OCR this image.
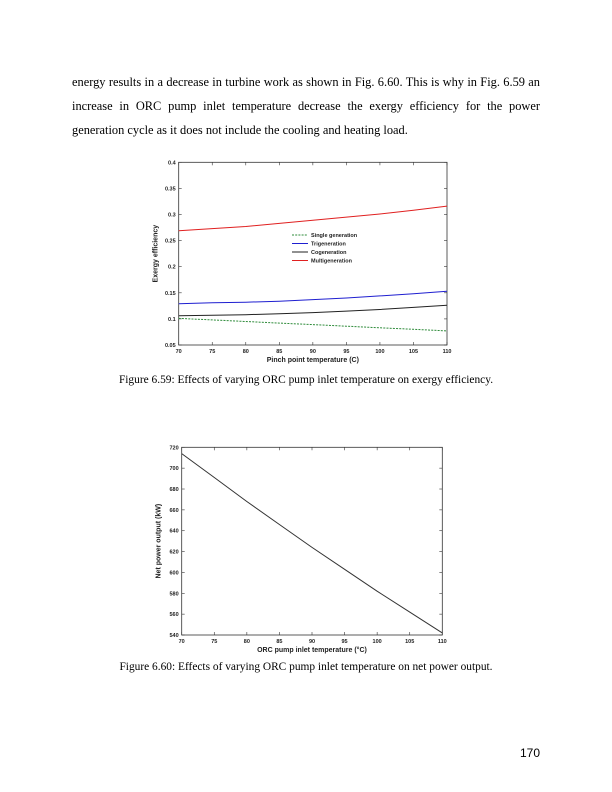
energy results in a decrease in turbine work as shown in Fig. 6.60. This is why in Fig. 6.59 an increase in ORC pump inlet temperature decrease the exergy efficiency for the power generation cycle as it does not include the cooling and heating load.
70	75	80	85	90	95	100	105	110
0.05
0.1
0.15
0.2
0.25
0.3
0.35
0.4
Pinch point temperature (C)
Exergy efficiency	Single generation
Trigeneration
Cogeneration
Multigeneration
70	75	80	85	90	95	100	105	110
540
560
580
600
620
640
660
680
700
720
ORC pump inlet temperature (°C)
Net power output (kW)
Figure 6.59: Effects of varying ORC pump inlet temperature on exergy efficiency.
Figure 6.60: Effects of varying ORC pump inlet temperature on net power output.
170
